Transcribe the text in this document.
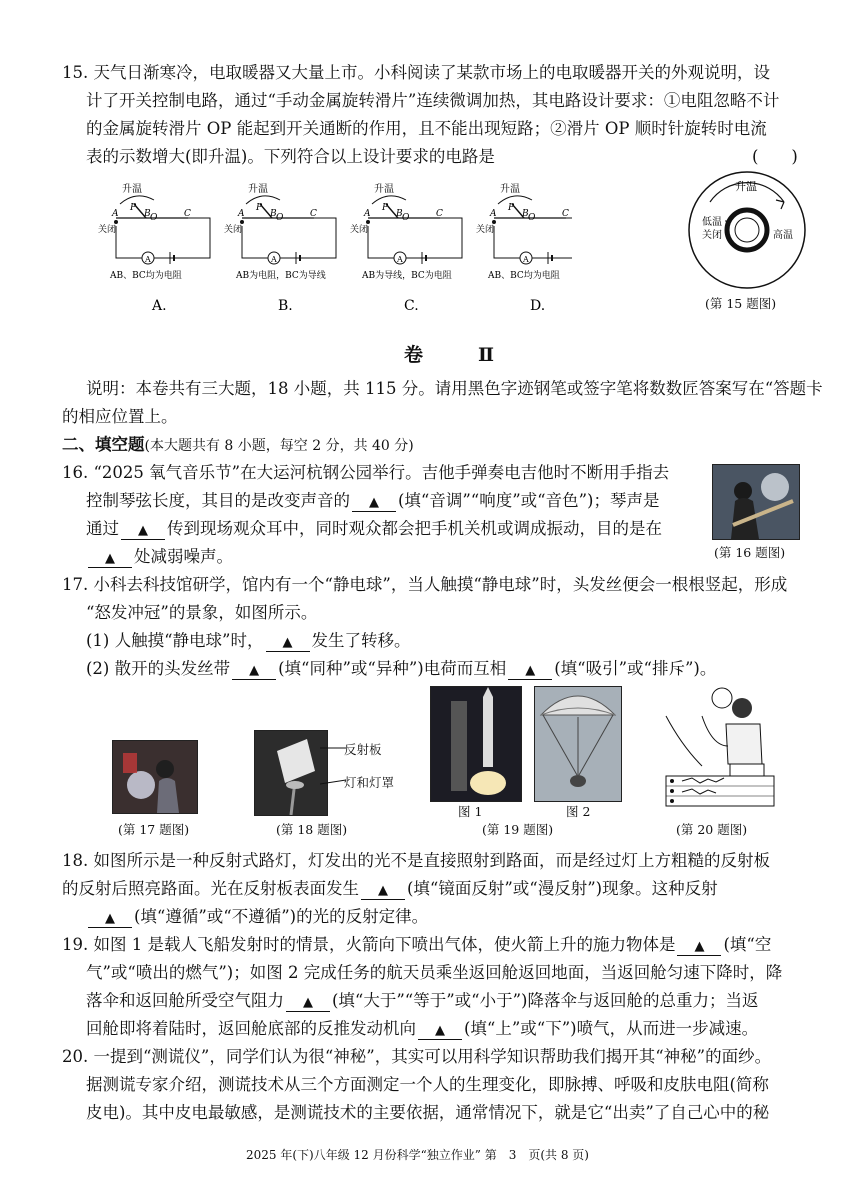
15. 天气日渐寒冷，电取暖器又大量上市。小科阅读了某款市场上的电取暖器开关的外观说明，设
计了开关控制电路，通过“手动金属旋转滑片”连续微调加热，其电路设计要求：①电阻忽略不计
的金属旋转滑片 OP 能起到开关通断的作用，且不能出现短路；②滑片 OP 顺时针旋转时电流
表的示数增大(即升温)。下列符合以上设计要求的电路是	(　　)
升温
A	B	C
P
O
关闭
A
AB、BC均为电阻
A.
升温
A	B	C
P
O
关闭
A
AB为电阻，BC为导线
B.
升温
A	B	C
P
O
关闭
A
AB为导线，BC为电阻
C.
升温
A	B	C
P
O
关闭
A
AB、BC均为电阻
D.
升温
低温
关闭	高温
(第 15 题图)
卷　Ⅱ
说明：本卷共有三大题，18 小题，共 115 分。请用黑色字迹钢笔或签字笔将数数匠答案写在“答题卡
的相应位置上。
二、填空题(本大题共有 8 小题，每空 2 分，共 40 分)
16. “2025 氧气音乐节”在大运河杭钢公园举行。吉他手弹奏电吉他时不断用手指去
控制琴弦长度，其目的是改变声音的 ▲ (填“音调”“响度”或“音色”)；琴声是
通过 ▲ 传到现场观众耳中，同时观众都会把手机关机或调成振动，目的是在
▲ 处减弱噪声。	(第 16 题图)
17. 小科去科技馆研学，馆内有一个“静电球”，当人触摸“静电球”时，头发丝便会一根根竖起，形成
“怒发冲冠”的景象，如图所示。
(1) 人触摸“静电球”时， ▲ 发生了转移。
(2) 散开的头发丝带 ▲ (填“同种”或“异种”)电荷而互相 ▲ (填“吸引”或“排斥”)。
(第 17 题图)
反射板
灯和灯罩
(第 18 题图)
图 1	图 2
(第 19 题图)	(第 20 题图)
18. 如图所示是一种反射式路灯，灯发出的光不是直接照射到路面，而是经过灯上方粗糙的反射板
的反射后照亮路面。光在反射板表面发生 ▲ (填“镜面反射”或“漫反射”)现象。这种反射
▲ (填“遵循”或“不遵循”)的光的反射定律。
19. 如图 1 是载人飞船发射时的情景，火箭向下喷出气体，使火箭上升的施力物体是 ▲ (填“空
气”或“喷出的燃气”)；如图 2 完成任务的航天员乘坐返回舱返回地面，当返回舱匀速下降时，降
落伞和返回舱所受空气阻力 ▲ (填“大于”“等于”或“小于”)降落伞与返回舱的总重力；当返
回舱即将着陆时，返回舱底部的反推发动机向 ▲ (填“上”或“下”)喷气，从而进一步减速。
20. 一提到“测谎仪”，同学们认为很“神秘”，其实可以用科学知识帮助我们揭开其“神秘”的面纱。
据测谎专家介绍，测谎技术从三个方面测定一个人的生理变化，即脉搏、呼吸和皮肤电阻(简称
皮电)。其中皮电最敏感，是测谎技术的主要依据，通常情况下，就是它“出卖”了自己心中的秘
2025 年(下)八年级 12 月份科学“独立作业” 第　3　页(共 8 页)
